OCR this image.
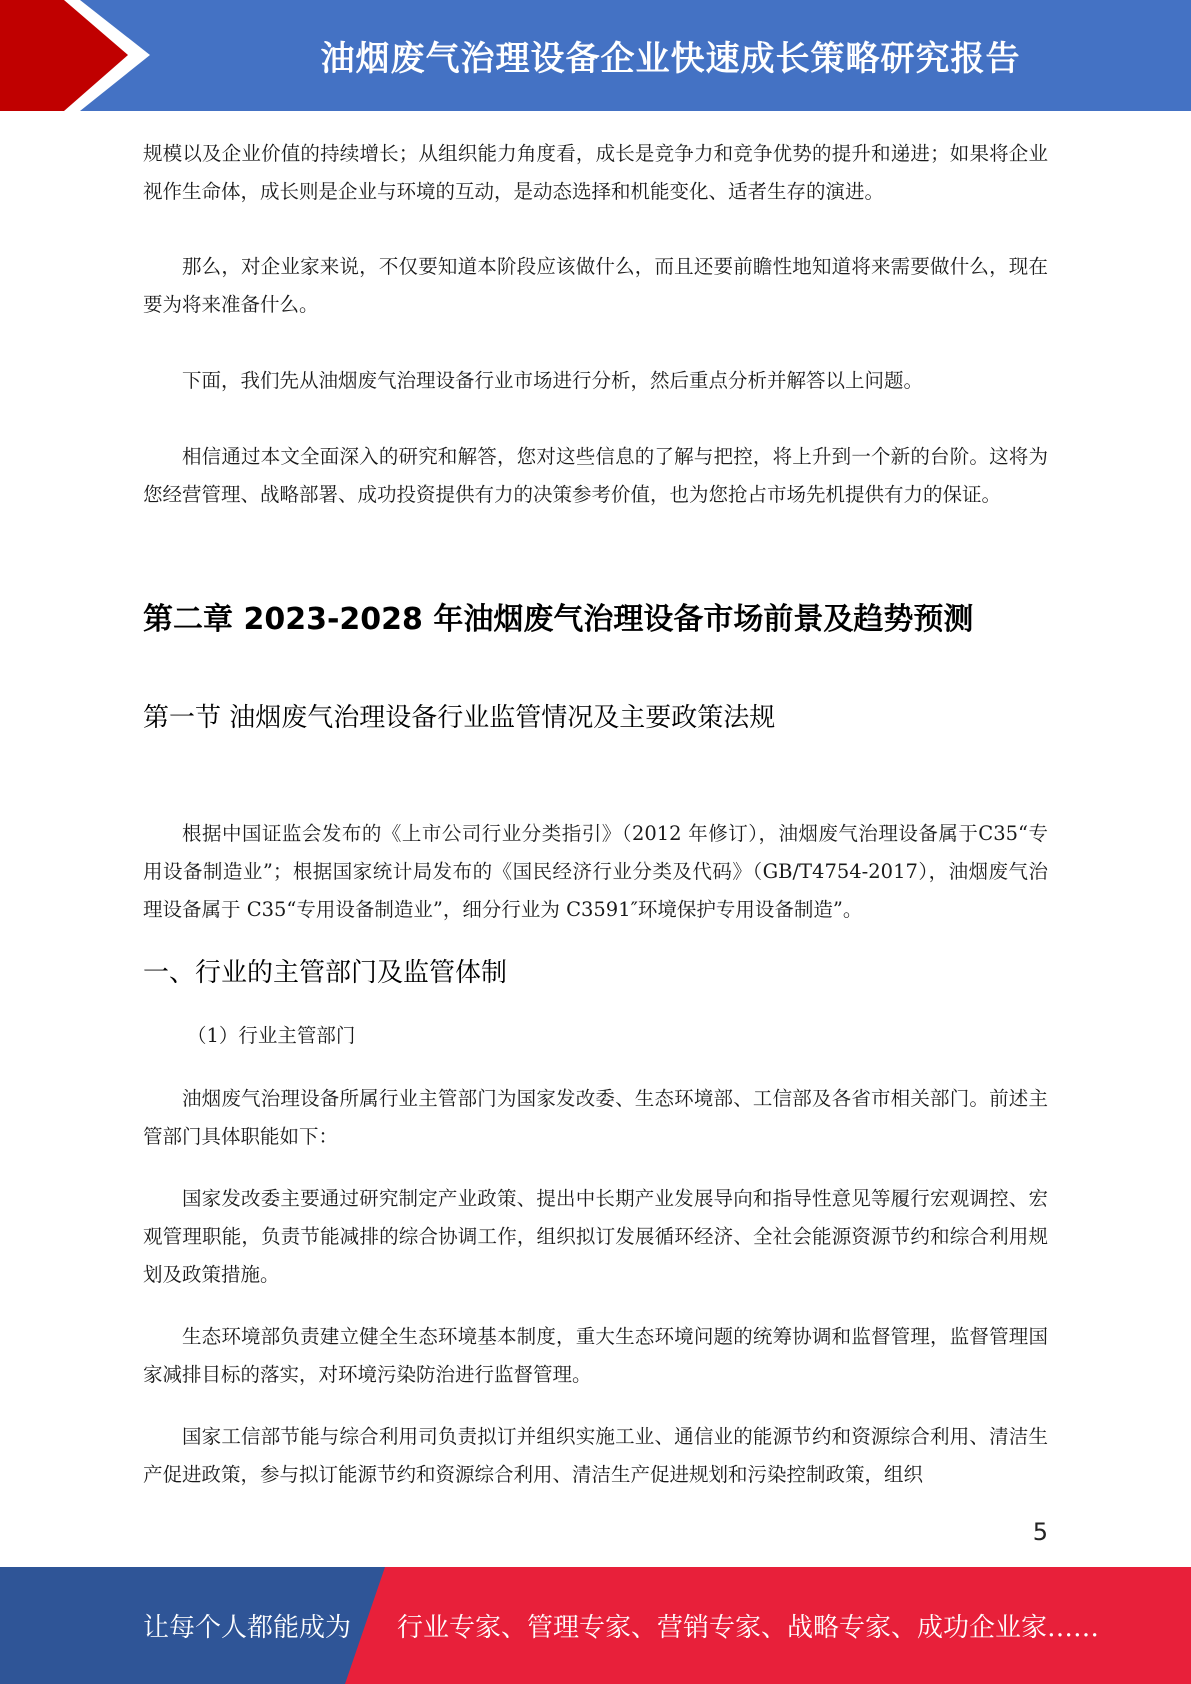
油烟废气治理设备企业快速成长策略研究报告

规模以及企业价值的持续增长；从组织能力角度看，成长是竞争力和竞争优势的提升和递进；如果将企业视作生命体，成长则是企业与环境的互动，是动态选择和机能变化、适者生存的演进。

那么，对企业家来说，不仅要知道本阶段应该做什么，而且还要前瞻性地知道将来需要做什么，现在要为将来准备什么。

下面，我们先从油烟废气治理设备行业市场进行分析，然后重点分析并解答以上问题。

相信通过本文全面深入的研究和解答，您对这些信息的了解与把控，将上升到一个新的台阶。这将为您经营管理、战略部署、成功投资提供有力的决策参考价值，也为您抢占市场先机提供有力的保证。

第二章 2023-2028 年油烟废气治理设备市场前景及趋势预测
第一节 油烟废气治理设备行业监管情况及主要政策法规

根据中国证监会发布的《上市公司行业分类指引》（2012 年修订），油烟废气治理设备属于C35“专用设备制造业”；根据国家统计局发布的《国民经济行业分类及代码》（GB/T4754-2017），油烟废气治理设备属于 C35“专用设备制造业”，细分行业为 C3591″环境保护专用设备制造”。

一、行业的主管部门及监管体制

（1）行业主管部门

油烟废气治理设备所属行业主管部门为国家发改委、生态环境部、工信部及各省市相关部门。前述主管部门具体职能如下：

国家发改委主要通过研究制定产业政策、提出中长期产业发展导向和指导性意见等履行宏观调控、宏观管理职能，负责节能减排的综合协调工作，组织拟订发展循环经济、全社会能源资源节约和综合利用规划及政策措施。

生态环境部负责建立健全生态环境基本制度，重大生态环境问题的统筹协调和监督管理，监督管理国家减排目标的落实，对环境污染防治进行监督管理。

国家工信部节能与综合利用司负责拟订并组织实施工业、通信业的能源节约和资源综合利用、清洁生产促进政策，参与拟订能源节约和资源综合利用、清洁生产促进规划和污染控制政策，组织

5
让每个人都能成为 行业专家、管理专家、营销专家、战略专家、成功企业家……
